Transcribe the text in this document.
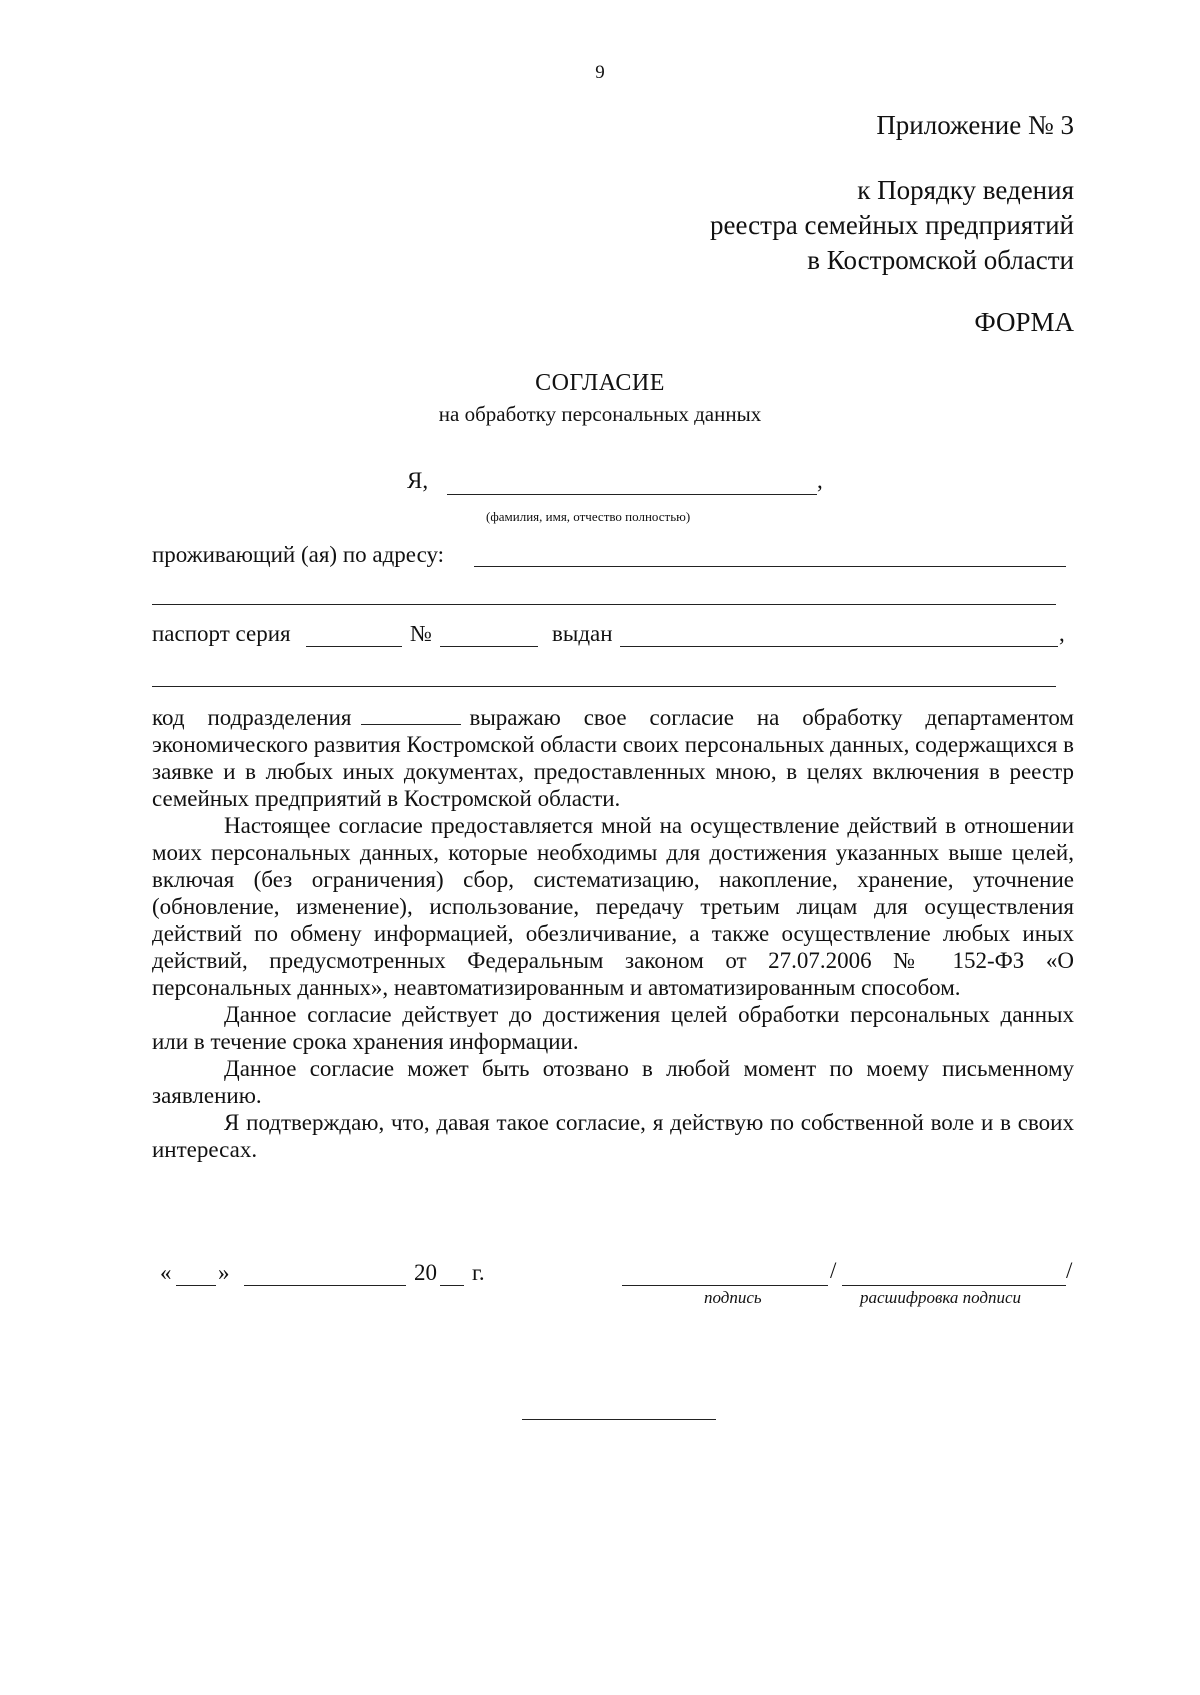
9
Приложение № 3
к Порядку ведения
реестра семейных предприятий
в Костромской области
ФОРМА
СОГЛАСИЕ
на обработку персональных данных
Я,	,
(фамилия, имя, отчество полностью)
проживающий (ая) по адресу:
паспорт серия	№	выдан	,

код подразделения	выражаю свое согласие на обработку департаментом экономического развития Костромской области своих персональных данных, содержащихся в заявке и в любых иных документах, предоставленных мною, в целях включения в реестр семейных предприятий в Костромской области.

Настоящее согласие предоставляется мной на осуществление действий в отношении моих персональных данных, которые необходимы для достижения указанных выше целей, включая (без ограничения) сбор, систематизацию, накопление, хранение, уточнение (обновление, изменение), использование, передачу третьим лицам для осуществления действий по обмену информацией, обезличивание, а также осуществление любых иных действий, предусмотренных Федеральным законом от 27.07.2006 № 152-ФЗ «О персональных данных», неавтоматизированным и автоматизированным способом.

Данное согласие действует до достижения целей обработки персональных данных или в течение срока хранения информации.

Данное согласие может быть отозвано в любой момент по моему письменному заявлению.

Я подтверждаю, что, давая такое согласие, я действую по собственной воле и в своих интересах.

« »	20 г.	/	/
подпись	расшифровка подписи
